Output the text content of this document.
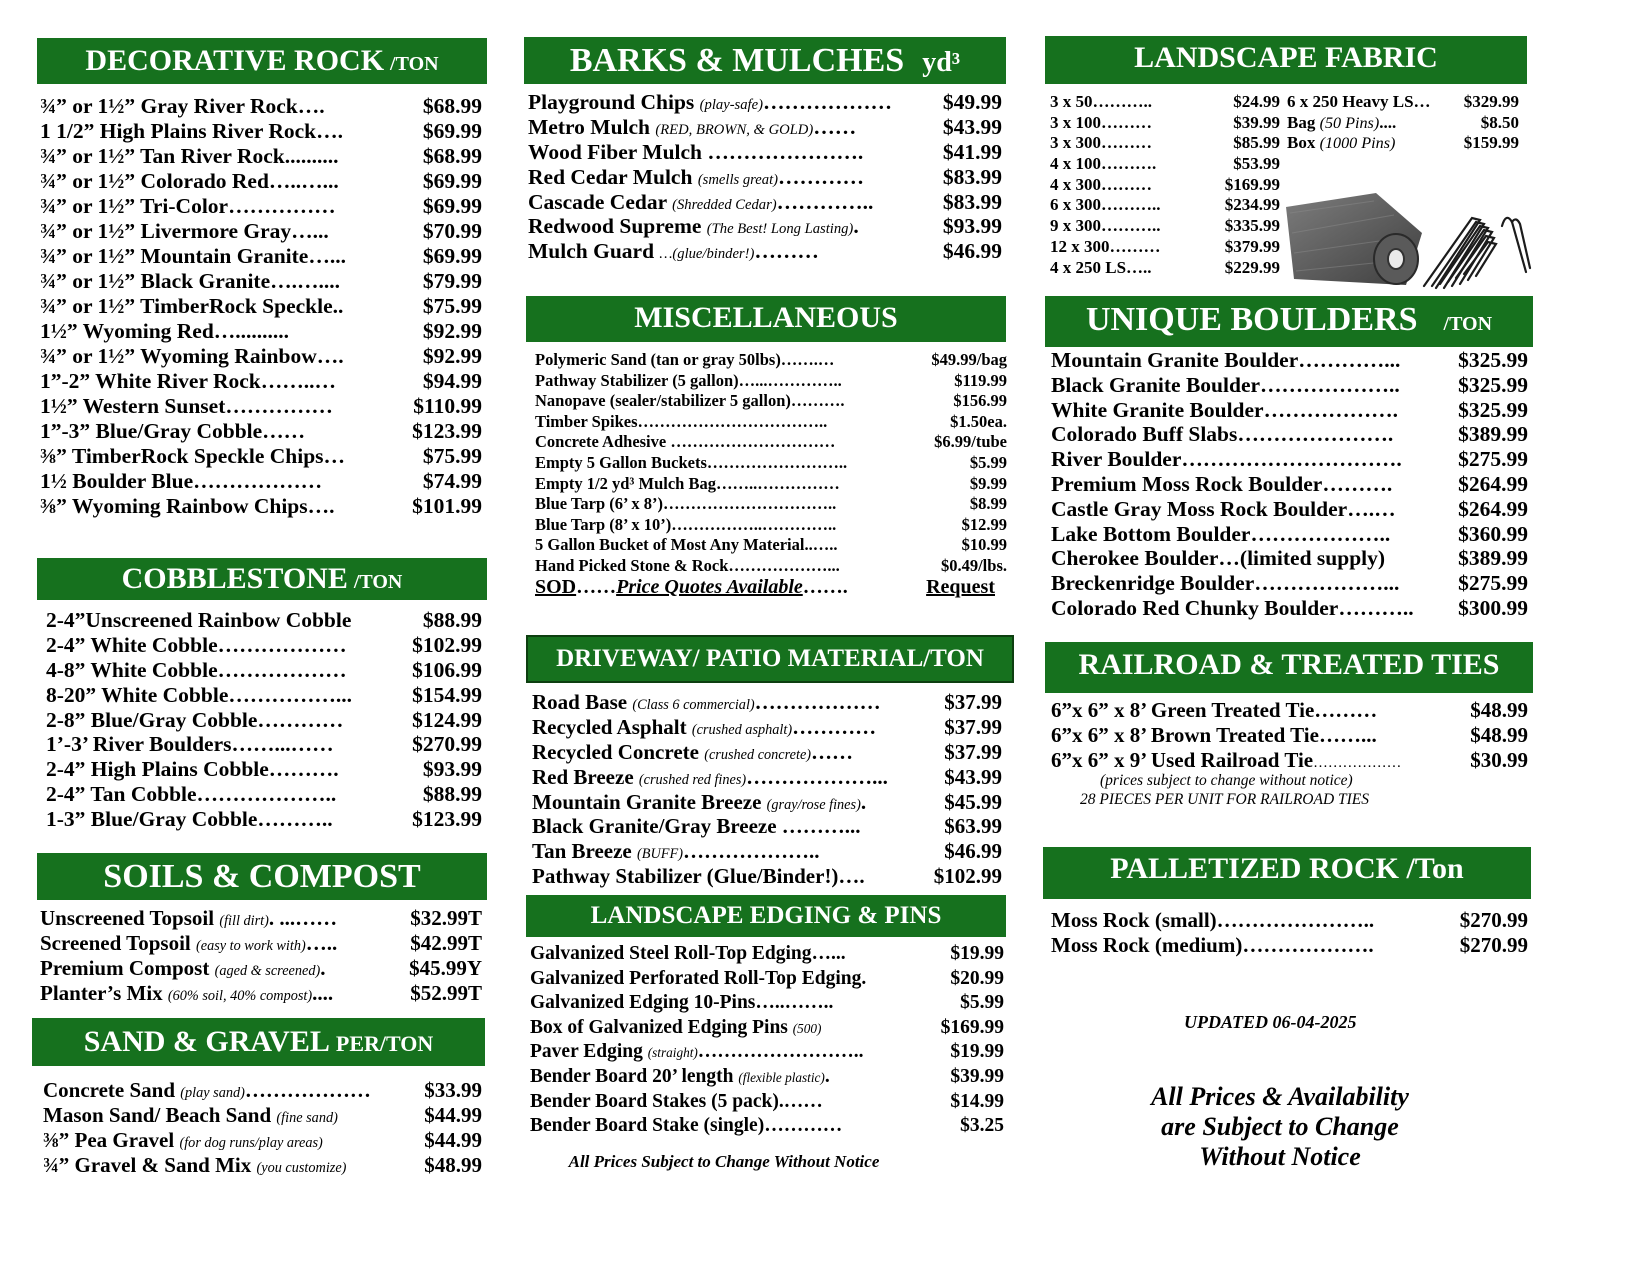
DECORATIVE ROCK /TON
¾” or 1½” Gray River Rock….	$68.99
1 1/2” High Plains River Rock….	$69.99
¾” or 1½” Tan River Rock..........	$68.99
¾” or 1½” Colorado Red…..…...	$69.99
¾” or 1½” Tri-Color……………	$69.99
¾” or 1½” Livermore Gray…...	$70.99
¾” or 1½” Mountain Granite…...	$69.99
¾” or 1½” Black Granite….…....	$79.99
¾” or 1½” TimberRock Speckle..	$75.99
1½” Wyoming Red…..........	$92.99
¾” or 1½” Wyoming Rainbow….	$92.99
1”-2” White River Rock……..…	$94.99
1½” Western Sunset……………	$110.99
1”-3” Blue/Gray Cobble……	$123.99
⅜” TimberRock Speckle Chips…	$75.99
1½ Boulder Blue………………	$74.99
⅜” Wyoming Rainbow Chips….	$101.99
COBBLESTONE /TON
2-4”Unscreened Rainbow Cobble	$88.99
2-4” White Cobble………………	$102.99
4-8” White Cobble………………	$106.99
8-20” White Cobble……………...	$154.99
2-8” Blue/Gray Cobble…………	$124.99
1’-3’ River Boulders……...……	$270.99
2-4” High Plains Cobble……….	$93.99
2-4” Tan Cobble………………..	$88.99
1-3” Blue/Gray Cobble………..	$123.99
SOILS & COMPOST
Unscreened Topsoil (fill dirt). ...……	$32.99T
Screened Topsoil (easy to work with)…..	$42.99T
Premium Compost (aged & screened).	$45.99Y
Planter’s Mix (60% soil, 40% compost)....	$52.99T
SAND & GRAVEL PER/TON
Concrete Sand (play sand)………………	$33.99
Mason Sand/ Beach Sand (fine sand)	$44.99
⅜” Pea Gravel (for dog runs/play areas)	$44.99
¾” Gravel & Sand Mix (you customize)	$48.99
BARKS & MULCHES yd³
Playground Chips (play-safe)……………… $49.99
Metro Mulch (RED, BROWN, & GOLD)……	$43.99
Wood Fiber Mulch ………………….	$41.99
Red Cedar Mulch (smells great)…………	$83.99
Cascade Cedar (Shredded Cedar)…………..	$83.99
Redwood Supreme (The Best! Long Lasting).	$93.99
Mulch Guard …(glue/binder!)………	$46.99
MISCELLANEOUS
Polymeric Sand (tan or gray 50lbs)…….…	$49.99/bag
Pathway Stabilizer (5 gallon)…...…………..	$119.99
Nanopave (sealer/stabilizer 5 gallon)……….	$156.99
Timber Spikes……………………………..	$1.50ea.
Concrete Adhesive …………………………	$6.99/tube
Empty 5 Gallon Buckets……………………..	$5.99
Empty 1/2 yd³ Mulch Bag……..……………	$9.99
Blue Tarp (6’ x 8’)…………………………..	$8.99
Blue Tarp (8’ x 10’)……………..…………..	$12.99
5 Gallon Bucket of Most Any Material..…..	$10.99
Hand Picked Stone & Rock………………...	$0.49/lbs.
SOD……Price Quotes Available…….	Request
DRIVEWAY/ PATIO MATERIAL/TON
Road Base (Class 6 commercial)………………	$37.99
Recycled Asphalt (crushed asphalt)…………	$37.99
Recycled Concrete (crushed concrete)……	$37.99
Red Breeze (crushed red fines)………………...	$43.99
Mountain Granite Breeze (gray/rose fines).	$45.99
Black Granite/Gray Breeze ………...	$63.99
Tan Breeze (BUFF)………………..	$46.99
Pathway Stabilizer (Glue/Binder!)….	$102.99
LANDSCAPE EDGING & PINS
Galvanized Steel Roll-Top Edging…...	$19.99
Galvanized Perforated Roll-Top Edging.	$20.99
Galvanized Edging 10-Pins…..……..	$5.99
Box of Galvanized Edging Pins (500)	$169.99
Paver Edging (straight)……………………..	$19.99
Bender Board 20’ length (flexible plastic).	$39.99
Bender Board Stakes (5 pack).……	$14.99
Bender Board Stake (single)…………	$3.25
All Prices Subject to Change Without Notice
LANDSCAPE FABRIC
3 x 50………..	$24.99
3 x 100………	$39.99
3 x 300………	$85.99
4 x 100……….	$53.99
4 x 300………	$169.99
6 x 300………..	$234.99
9 x 300………..	$335.99
12 x 300………	$379.99
4 x 250 LS…..	$229.99
6 x 250 Heavy LS… $329.99
Bag (50 Pins)....	$8.50
Box (1000 Pins)	$159.99
UNIQUE BOULDERS /TON
Mountain Granite Boulder…………...	$325.99
Black Granite Boulder………………..	$325.99
White Granite Boulder……………….	$325.99
Colorado Buff Slabs………………….	$389.99
River Boulder………………………….	$275.99
Premium Moss Rock Boulder……….	$264.99
Castle Gray Moss Rock Boulder….…	$264.99
Lake Bottom Boulder………………..	$360.99
Cherokee Boulder…(limited supply)	$389.99
Breckenridge Boulder………………...	$275.99
Colorado Red Chunky Boulder……….. $300.99
RAILROAD & TREATED TIES
6”x 6” x 8’ Green Treated Tie………	$48.99
6”x 6” x 8’ Brown Treated Tie……...	$48.99
6”x 6” x 9’ Used Railroad Tie………………	$30.99
(prices subject to change without notice)
28 PIECES PER UNIT FOR RAILROAD TIES
PALLETIZED ROCK /Ton
Moss Rock (small)…………………..	$270.99
Moss Rock (medium)……………….	$270.99
UPDATED 06-04-2025
All Prices & Availability
are Subject to Change
Without Notice
